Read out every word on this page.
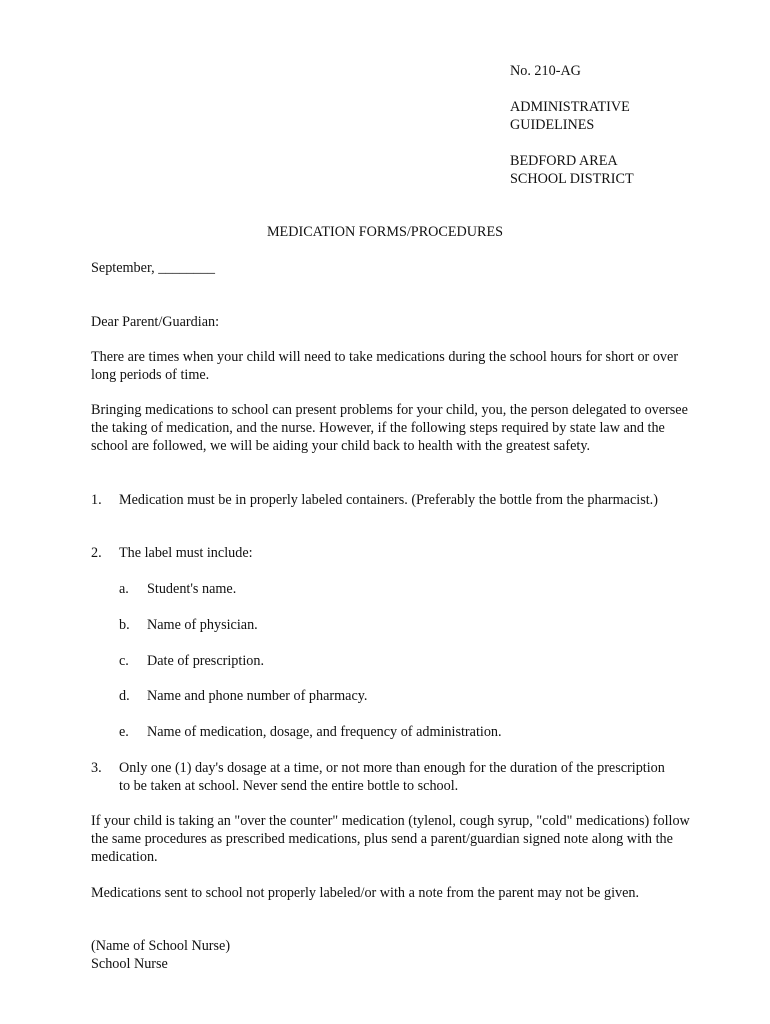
No. 210-AG
ADMINISTRATIVE
GUIDELINES
BEDFORD AREA
SCHOOL DISTRICT
MEDICATION FORMS/PROCEDURES
September, ________
Dear Parent/Guardian:
There are times when your child will need to take medications during the school hours for short or over long periods of time.
Bringing medications to school can present problems for your child, you, the person delegated to oversee the taking of medication, and the nurse. However, if the following steps required by state law and the school are followed, we will be aiding your child back to health with the greatest safety.
1. Medication must be in properly labeled containers. (Preferably the bottle from the pharmacist.)
2. The label must include:
a. Student's name.
b. Name of physician.
c. Date of prescription.
d. Name and phone number of pharmacy.
e. Name of medication, dosage, and frequency of administration.
3. Only one (1) day's dosage at a time, or not more than enough for the duration of the prescription to be taken at school. Never send the entire bottle to school.
If your child is taking an "over the counter" medication (tylenol, cough syrup, "cold" medications) follow the same procedures as prescribed medications, plus send a parent/guardian signed note along with the medication.
Medications sent to school not properly labeled/or with a note from the parent may not be given.
(Name of School Nurse)
School Nurse
